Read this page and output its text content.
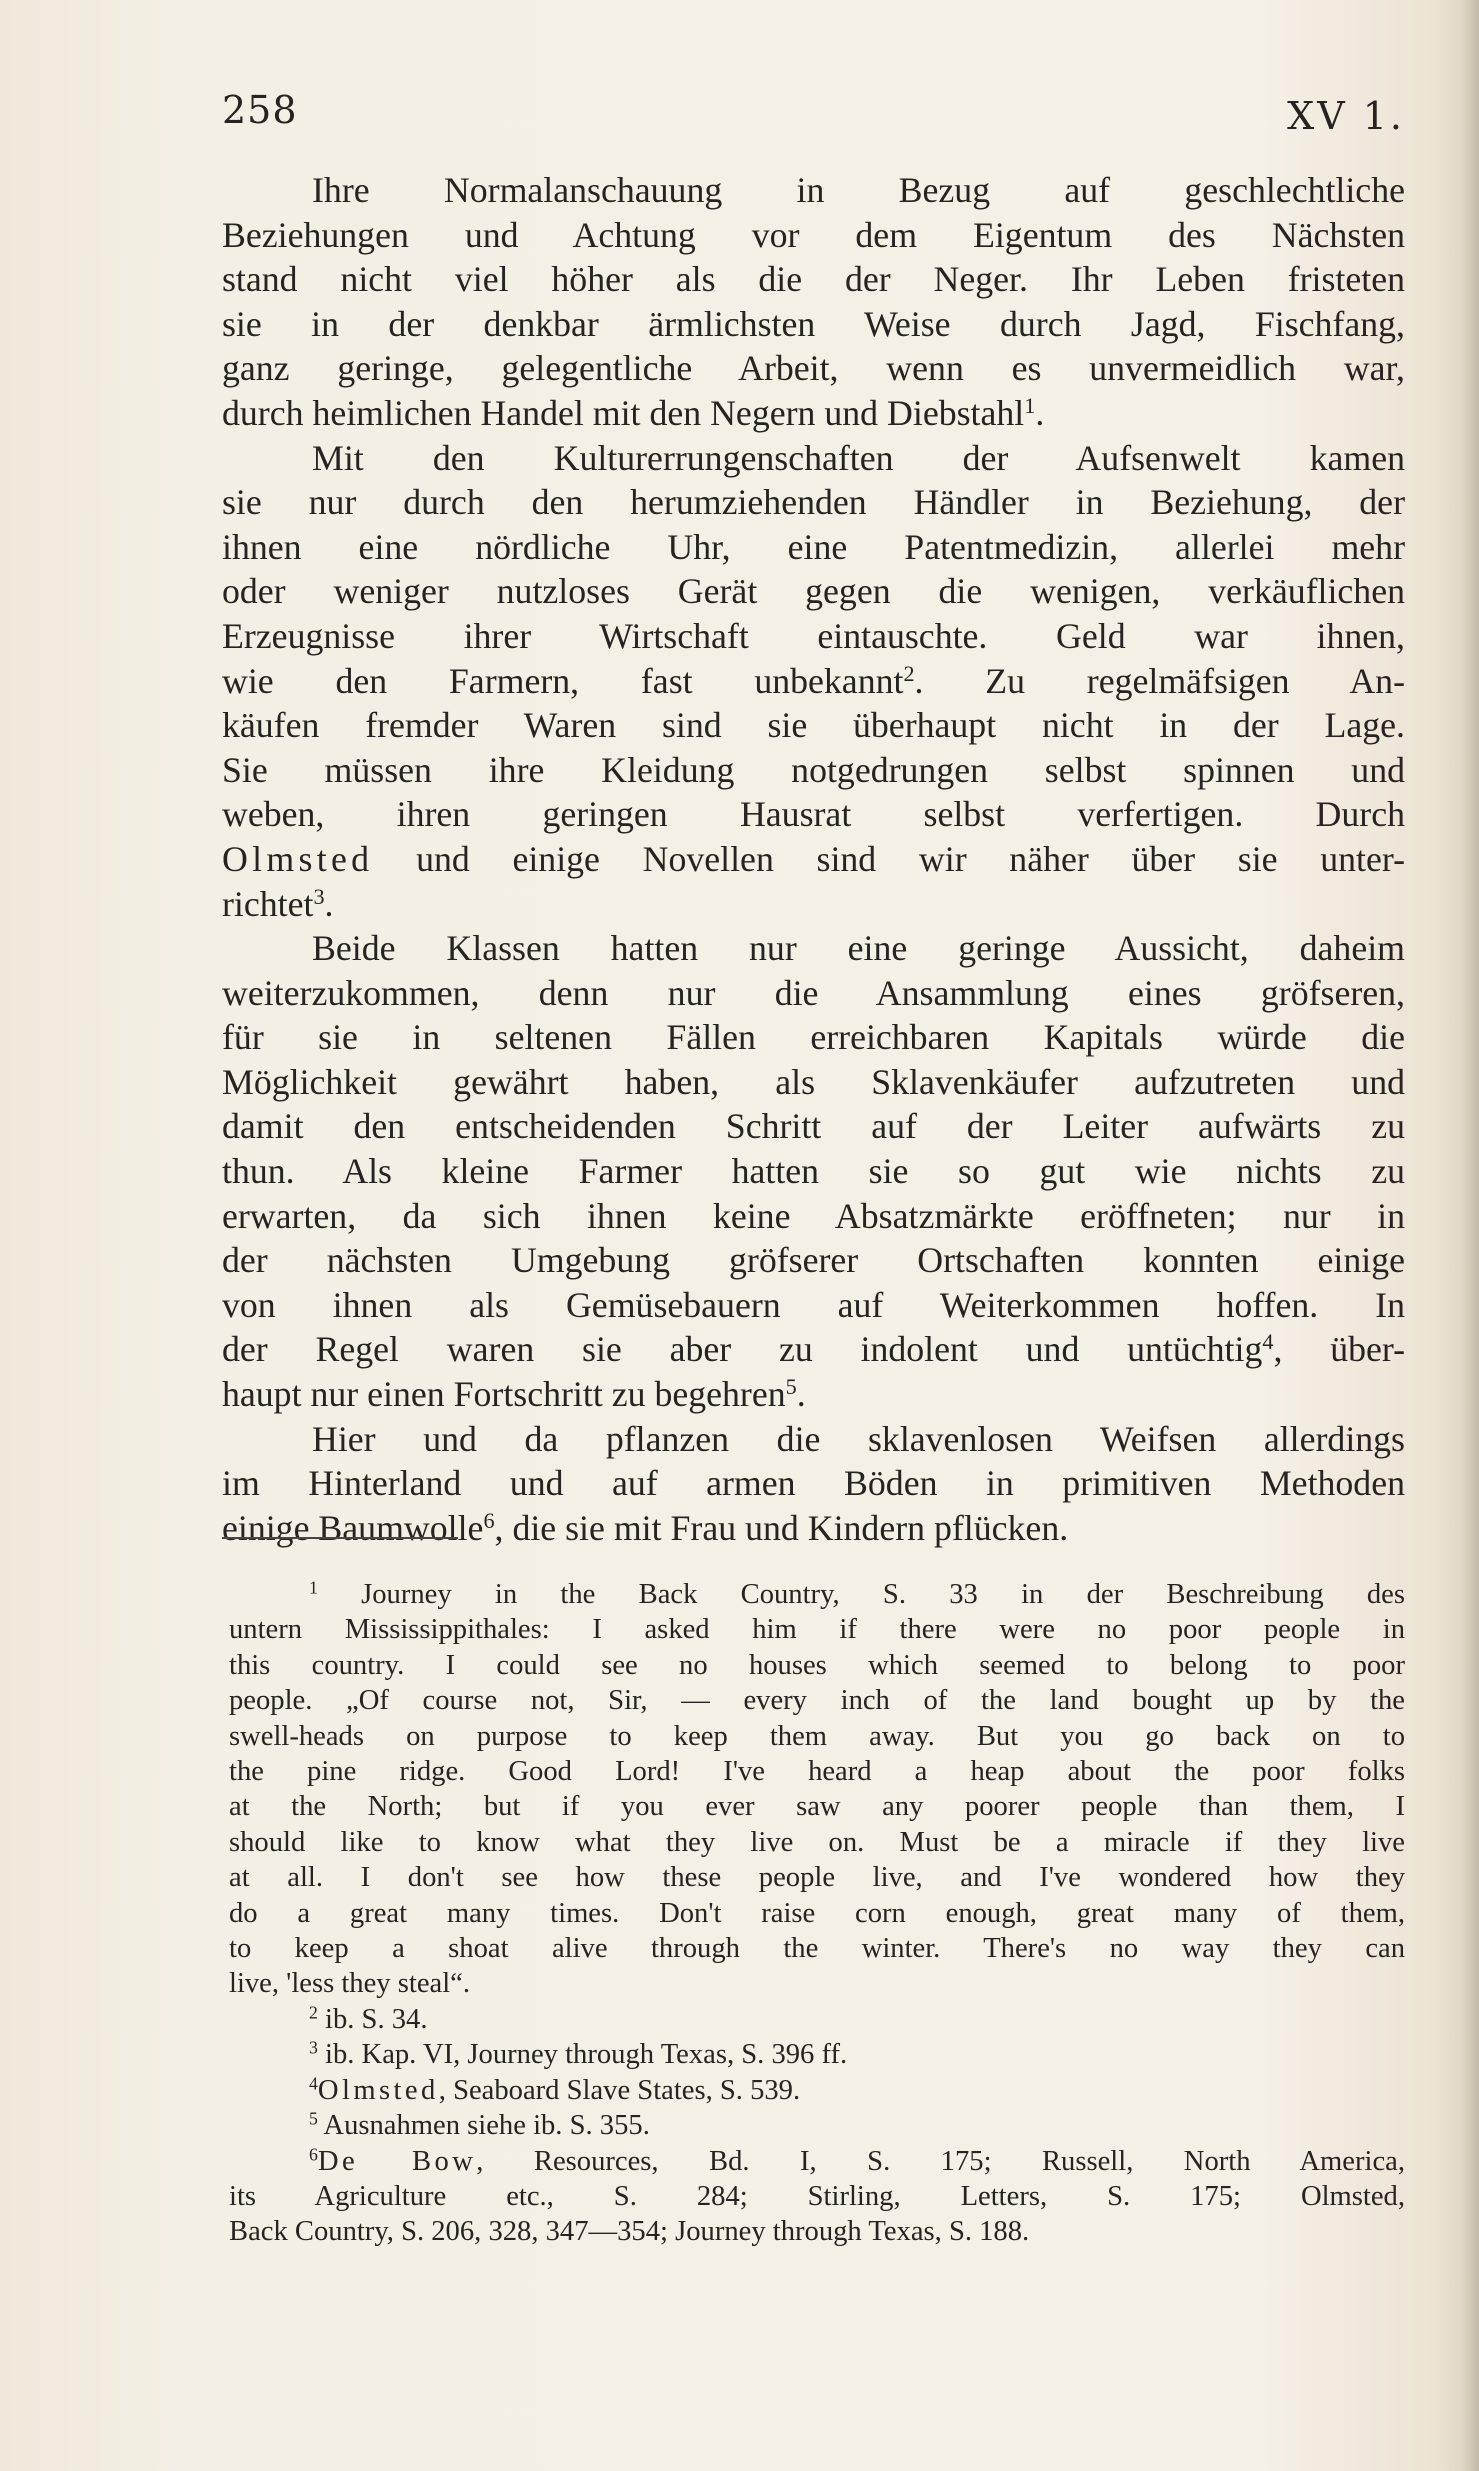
258	XV 1.
Ihre Normalanschauung in Bezug auf geschlechtliche
Beziehungen und Achtung vor dem Eigentum des Nächsten
stand nicht viel höher als die der Neger. Ihr Leben fristeten
sie in der denkbar ärmlichsten Weise durch Jagd, Fischfang,
ganz geringe, gelegentliche Arbeit, wenn es unvermeidlich war,
durch heimlichen Handel mit den Negern und Diebstahl$^1$.
Mit den Kulturerrungenschaften der Aufsenwelt kamen
sie nur durch den herumziehenden Händler in Beziehung, der
ihnen eine nördliche Uhr, eine Patentmedizin, allerlei mehr
oder weniger nutzloses Gerät gegen die wenigen, verkäuflichen
Erzeugnisse ihrer Wirtschaft eintauschte. Geld war ihnen,
wie den Farmern, fast unbekannt$^2$. Zu regelmäfsigen An-
käufen fremder Waren sind sie überhaupt nicht in der Lage.
Sie müssen ihre Kleidung notgedrungen selbst spinnen und
weben, ihren geringen Hausrat selbst verfertigen. Durch
Olmsted und einige Novellen sind wir näher über sie unter-
richtet$^3$.
Beide Klassen hatten nur eine geringe Aussicht, daheim
weiterzukommen, denn nur die Ansammlung eines gröfseren,
für sie in seltenen Fällen erreichbaren Kapitals würde die
Möglichkeit gewährt haben, als Sklavenkäufer aufzutreten und
damit den entscheidenden Schritt auf der Leiter aufwärts zu
thun. Als kleine Farmer hatten sie so gut wie nichts zu
erwarten, da sich ihnen keine Absatzmärkte eröffneten; nur in
der nächsten Umgebung gröfserer Ortschaften konnten einige
von ihnen als Gemüsebauern auf Weiterkommen hoffen. In
der Regel waren sie aber zu indolent und untüchtig$^4$, über-
haupt nur einen Fortschritt zu begehren$^5$.
Hier und da pflanzen die sklavenlosen Weifsen allerdings
im Hinterland und auf armen Böden in primitiven Methoden
einige Baumwolle$^6$, die sie mit Frau und Kindern pflücken.
$^1$ Journey in the Back Country, S. 33 in der Beschreibung des
untern Mississippithales: I asked him if there were no poor people in
this country. I could see no houses which seemed to belong to poor
people. „Of course not, Sir, — every inch of the land bought up by the
swell-heads on purpose to keep them away. But you go back on to
the pine ridge. Good Lord! I've heard a heap about the poor folks
at the North; but if you ever saw any poorer people than them, I
should like to know what they live on. Must be a miracle if they live
at all. I don't see how these people live, and I've wondered how they
do a great many times. Don't raise corn enough, great many of them,
to keep a shoat alive through the winter. There's no way they can
live, 'less they steal“.
$^2$ ib. S. 34.
$^3$ ib. Kap. VI, Journey through Texas, S. 396 ff.
$^4$Olmsted, Seaboard Slave States, S. 539.
$^5$ Ausnahmen siehe ib. S. 355.
$^6$De Bow, Resources, Bd. I, S. 175; Russell, North America,
its Agriculture etc., S. 284; Stirling, Letters, S. 175; Olmsted,
Back Country, S. 206, 328, 347—354; Journey through Texas, S. 188.
